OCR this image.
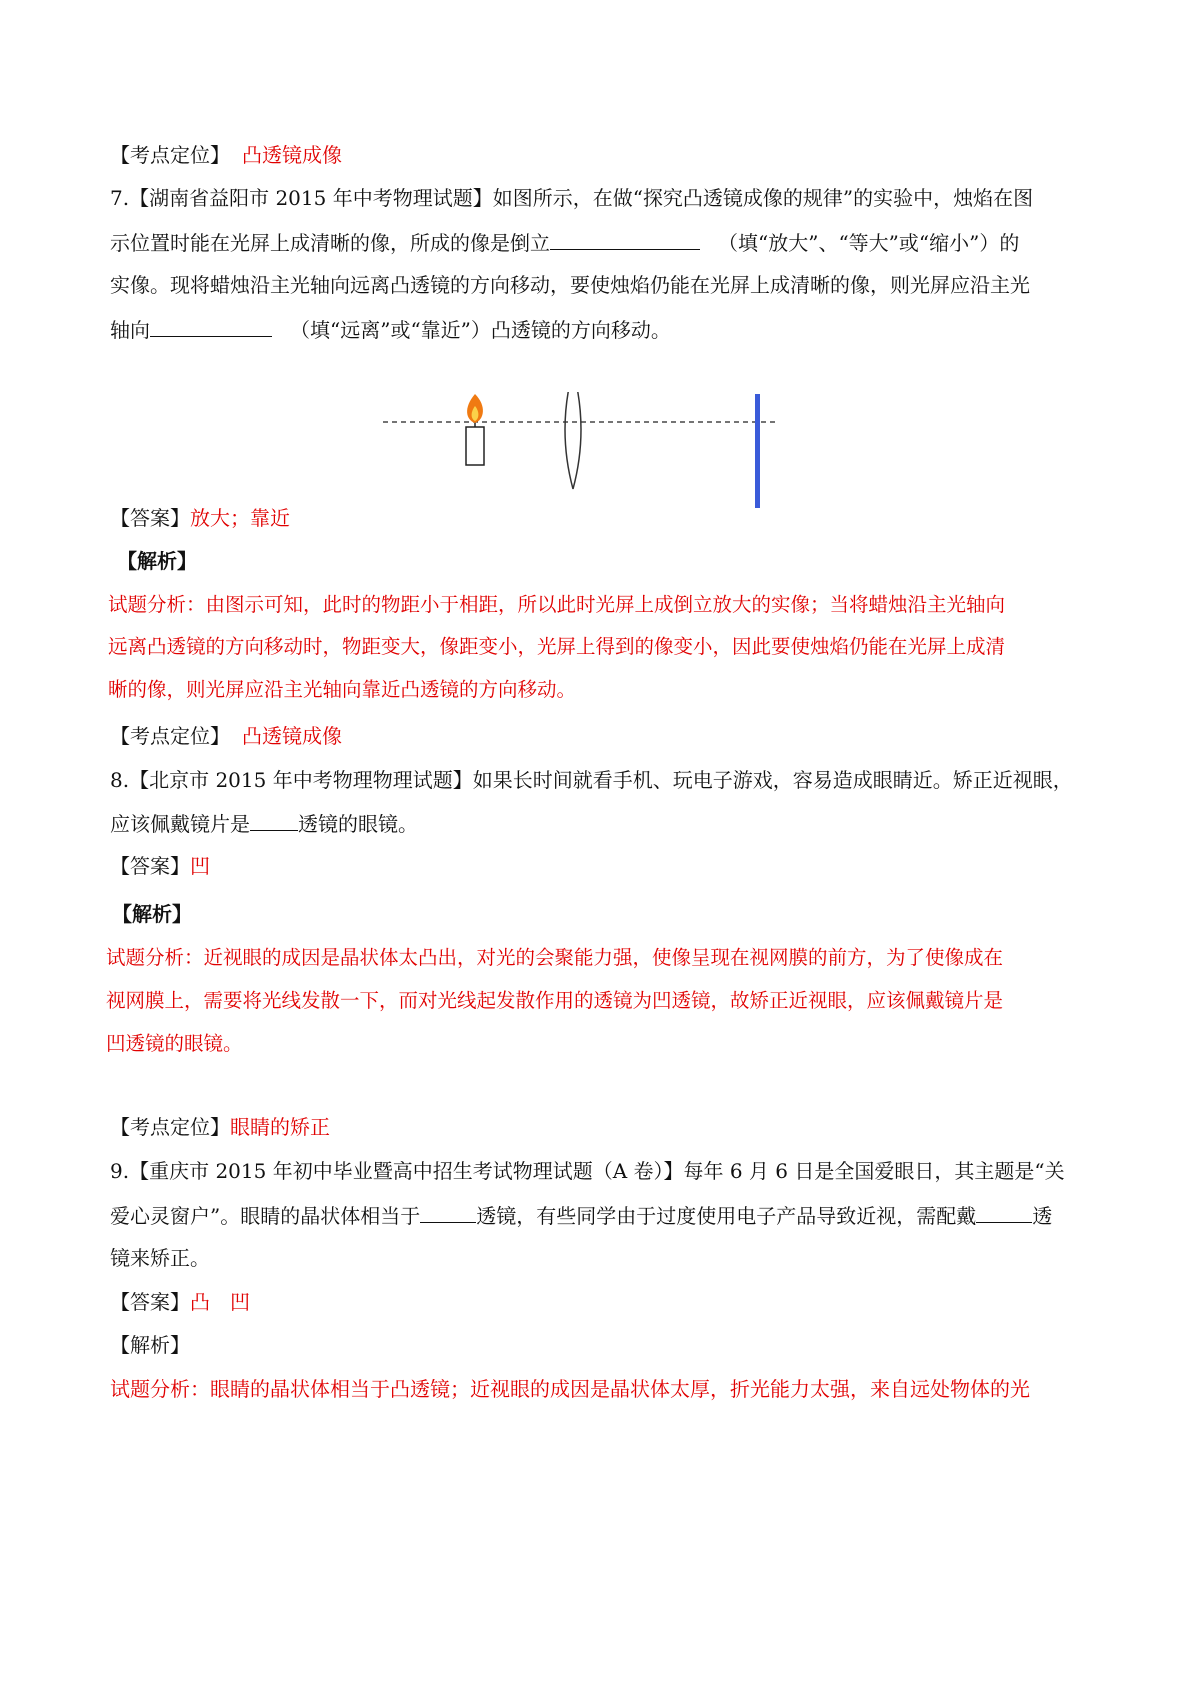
【考点定位】 凸透镜成像
7.【湖南省益阳市 2015 年中考物理试题】如图所示，在做“探究凸透镜成像的规律”的实验中，烛焰在图
示位置时能在光屏上成清晰的像，所成的像是倒立	（填“放大”、“等大”或“缩小”）的
实像。现将蜡烛沿主光轴向远离凸透镜的方向移动，要使烛焰仍能在光屏上成清晰的像，则光屏应沿主光
轴向	（填“远离”或“靠近”）凸透镜的方向移动。
【答案】放大；靠近
【解析】
试题分析：由图示可知，此时的物距小于相距，所以此时光屏上成倒立放大的实像；当将蜡烛沿主光轴向
远离凸透镜的方向移动时，物距变大，像距变小，光屏上得到的像变小，因此要使烛焰仍能在光屏上成清
晰的像，则光屏应沿主光轴向靠近凸透镜的方向移动。
【考点定位】 凸透镜成像
8.【北京市 2015 年中考物理物理试题】如果长时间就看手机、玩电子游戏，容易造成眼睛近。矫正近视眼，
应该佩戴镜片是 透镜的眼镜。
【答案】凹
【解析】
试题分析：近视眼的成因是晶状体太凸出，对光的会聚能力强，使像呈现在视网膜的前方，为了使像成在
视网膜上，需要将光线发散一下，而对光线起发散作用的透镜为凹透镜，故矫正近视眼，应该佩戴镜片是
凹透镜的眼镜。
【考点定位】眼睛的矫正
9.【重庆市 2015 年初中毕业暨高中招生考试物理试题（A 卷）】每年 6 月 6 日是全国爱眼日，其主题是“关
爱心灵窗户”。眼睛的晶状体相当于	透镜，有些同学由于过度使用电子产品导致近视，需配戴	透
镜来矫正。
【答案】凸 凹
【解析】
试题分析：眼睛的晶状体相当于凸透镜；近视眼的成因是晶状体太厚，折光能力太强，来自远处物体的光
